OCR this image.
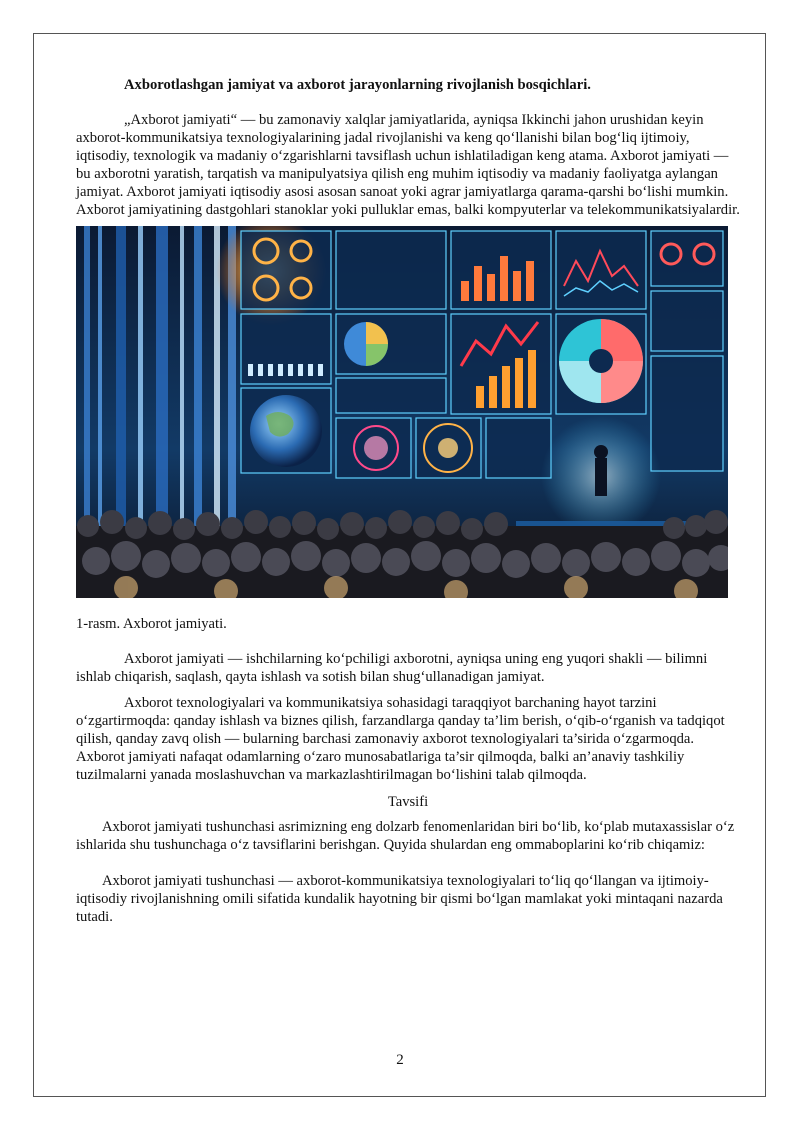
Axborotlashgan jamiyat va axborot jarayonlarning rivojlanish bosqichlari.

„Axborot jamiyati“ — bu zamonaviy xalqlar jamiyatlarida, ayniqsa Ikkinchi jahon urushidan keyin axborot-kommunikatsiya texnologiyalarining jadal rivojlanishi va keng qo‘llanishi bilan bog‘liq ijtimoiy, iqtisodiy, texnologik va madaniy o‘zgarishlarni tavsiflash uchun ishlatiladigan keng atama. Axborot jamiyati — bu axborotni yaratish, tarqatish va manipulyatsiya qilish eng muhim iqtisodiy va madaniy faoliyatga aylangan jamiyat. Axborot jamiyati iqtisodiy asosi asosan sanoat yoki agrar jamiyatlarga qarama-qarshi bo‘lishi mumkin. Axborot jamiyatining dastgohlari stanoklar yoki pulluklar emas, balki kompyuterlar va telekommunikatsiyalardir.

1-rasm. Axborot jamiyati.

Axborot jamiyati — ishchilarning ko‘pchiligi axborotni, ayniqsa uning eng yuqori shakli — bilimni ishlab chiqarish, saqlash, qayta ishlash va sotish bilan shug‘ullanadigan jamiyat.

Axborot texnologiyalari va kommunikatsiya sohasidagi taraqqiyot barchaning hayot tarzini o‘zgartirmoqda: qanday ishlash va biznes qilish, farzandlarga qanday ta’lim berish, o‘qib-o‘rganish va tadqiqot qilish, qanday zavq olish — bularning barchasi zamonaviy axborot texnologiyalari ta’sirida o‘zgarmoqda. Axborot jamiyati nafaqat odamlarning o‘zaro munosabatlariga ta’sir qilmoqda, balki an’anaviy tashkiliy tuzilmalarni yanada moslashuvchan va markazlashtirilmagan bo‘lishini talab qilmoqda.

Tavsifi

Axborot jamiyati tushunchasi asrimizning eng dolzarb fenomenlaridan biri bo‘lib, ko‘plab mutaxassislar o‘z ishlarida shu tushunchaga o‘z tavsiflarini berishgan. Quyida shulardan eng ommaboplarini ko‘rib chiqamiz:

Axborot jamiyati tushunchasi — axborot-kommunikatsiya texnologiyalari to‘liq qo‘llangan va ijtimoiy-iqtisodiy rivojlanishning omili sifatida kundalik hayotning bir qismi bo‘lgan mamlakat yoki mintaqani nazarda tutadi.

2
